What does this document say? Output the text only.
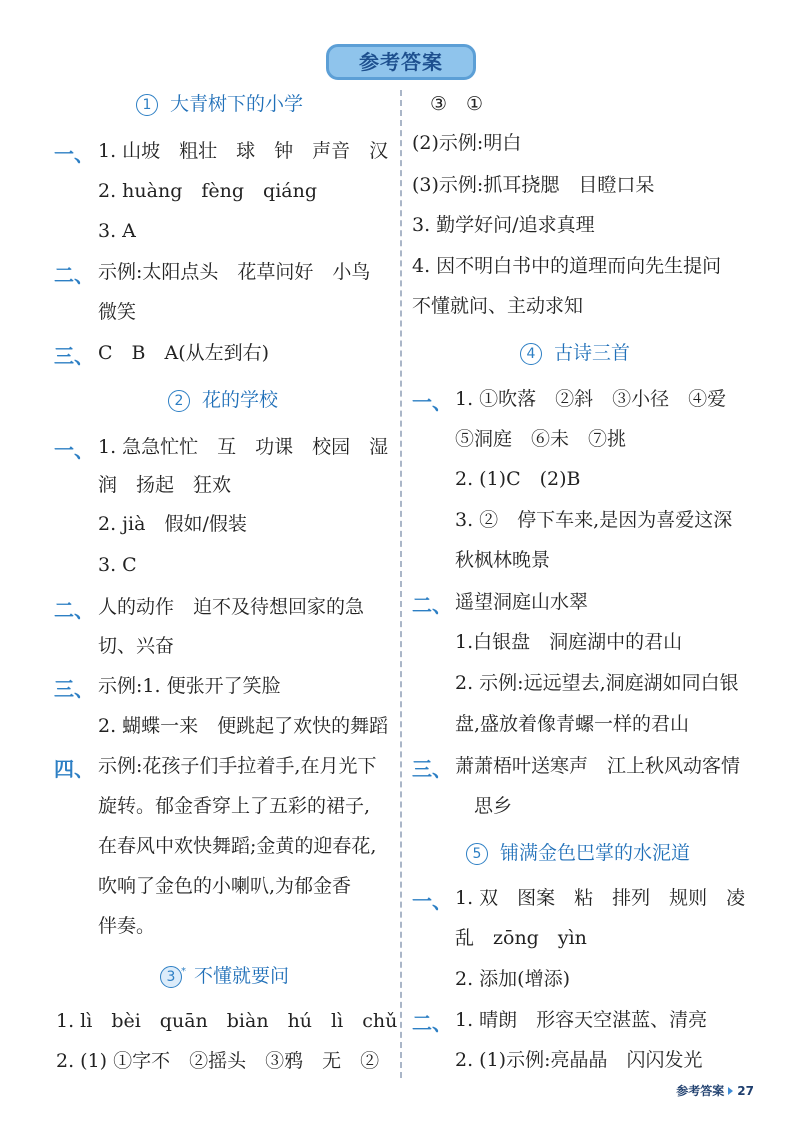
参考答案
1 大青树下的小学
一、 1. 山坡　粗壮　球　钟　声音　汉
2. huàng　fèng　qiáng
3. A
二、 示例:太阳点头　花草问好　小鸟
微笑
三、 C　B　A(从左到右)
2 花的学校
一、 1. 急急忙忙　互　功课　校园　湿
润　扬起　狂欢
2. jià　假如/假装
3. C
二、 人的动作　迫不及待想回家的急
切、兴奋
三、 示例:1. 便张开了笑脸
2. 蝴蝶一来　便跳起了欢快的舞蹈
四、 示例:花孩子们手拉着手,在月光下
旋转。郁金香穿上了五彩的裙子,
在春风中欢快舞蹈;金黄的迎春花,
吹响了金色的小喇叭,为郁金香
伴奏。
3 * 不懂就要问
1. lì　bèi　quān　biàn　hú　lì　chǔ
2. (1) ①字不　②摇头　③鸦　无　②
③　①
(2)示例:明白
(3)示例:抓耳挠腮　目瞪口呆
3. 勤学好问/追求真理
4. 因不明白书中的道理而向先生提问
不懂就问、主动求知
4 古诗三首
一、 1. ①吹落　②斜　③小径　④爱
⑤洞庭　⑥未　⑦挑
2. (1)C　(2)B
3. ②　停下车来,是因为喜爱这深
秋枫林晚景
二、 遥望洞庭山水翠
1.白银盘　洞庭湖中的君山
2. 示例:远远望去,洞庭湖如同白银
盘,盛放着像青螺一样的君山
三、 萧萧梧叶送寒声　江上秋风动客情
思乡
5 铺满金色巴掌的水泥道
一、 1. 双　图案　粘　排列　规则　凌
乱　zōng　yìn
2. 添加(增添)
二、 1. 晴朗　形容天空湛蓝、清亮
2. (1)示例:亮晶晶　闪闪发光
参考答案 27
